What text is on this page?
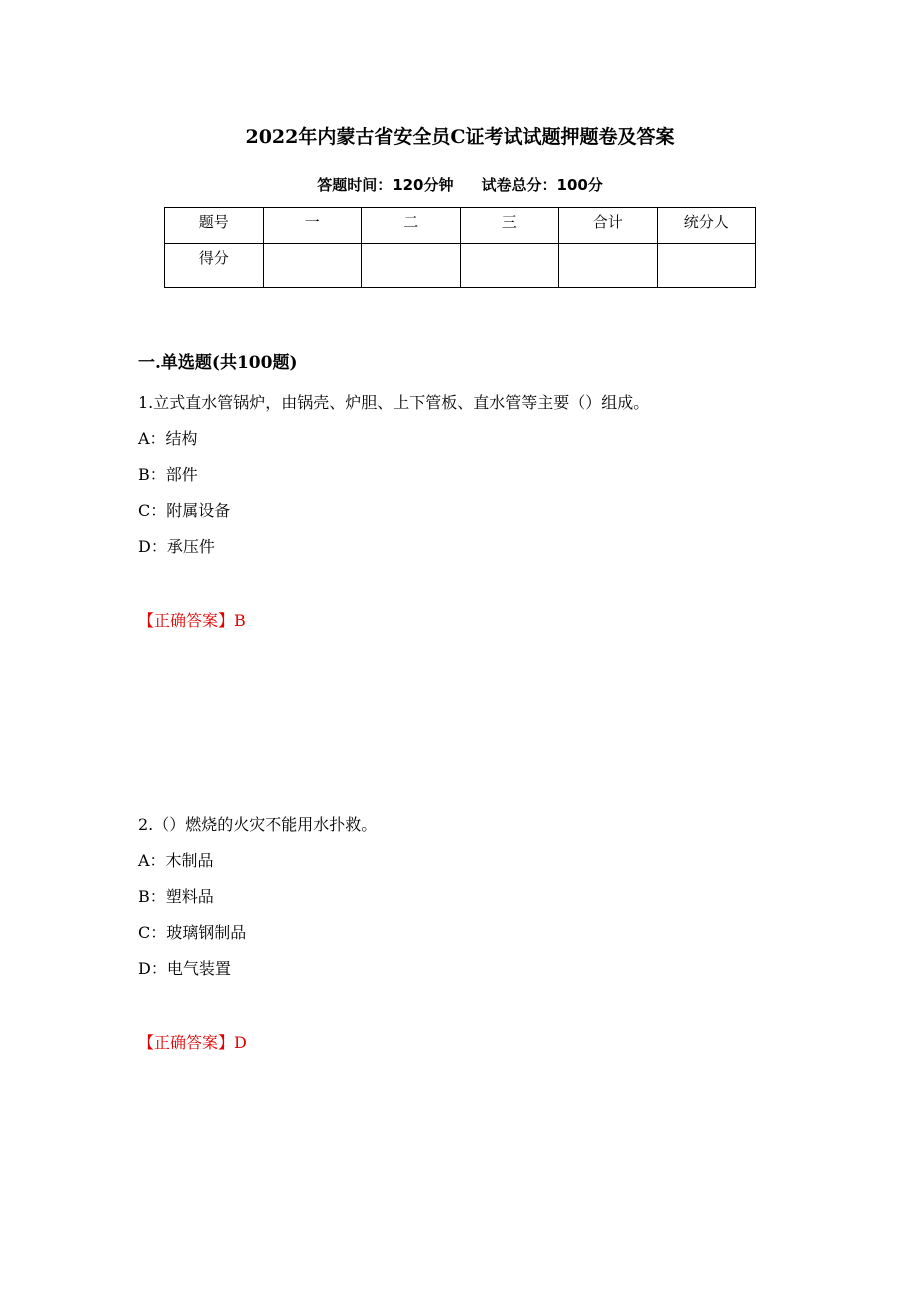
2022年内蒙古省安全员C证考试试题押题卷及答案
答题时间：120分钟 试卷总分：100分
题号	一	二	三	合计	统分人
得分					
一.单选题(共100题)
1.立式直水管锅炉，由锅壳、炉胆、上下管板、直水管等主要（）组成。
A：结构
B：部件
C：附属设备
D：承压件
【正确答案】B
2.（）燃烧的火灾不能用水扑救。
A：木制品
B：塑料品
C：玻璃钢制品
D：电气装置
【正确答案】D
